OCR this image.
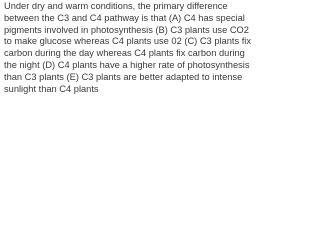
Under dry and warm conditions, the primary difference between the C3 and C4 pathway is that (A) C4 has special pigments involved in photosynthesis (B) C3 plants use CO2 to make glucose whereas C4 plants use 02 (C) C3 plants fix carbon during the day whereas C4 plants fix carbon during the night (D) C4 plants have a higher rate of photosynthesis than C3 plants (E) C3 plants are better adapted to intense sunlight than C4 plants
